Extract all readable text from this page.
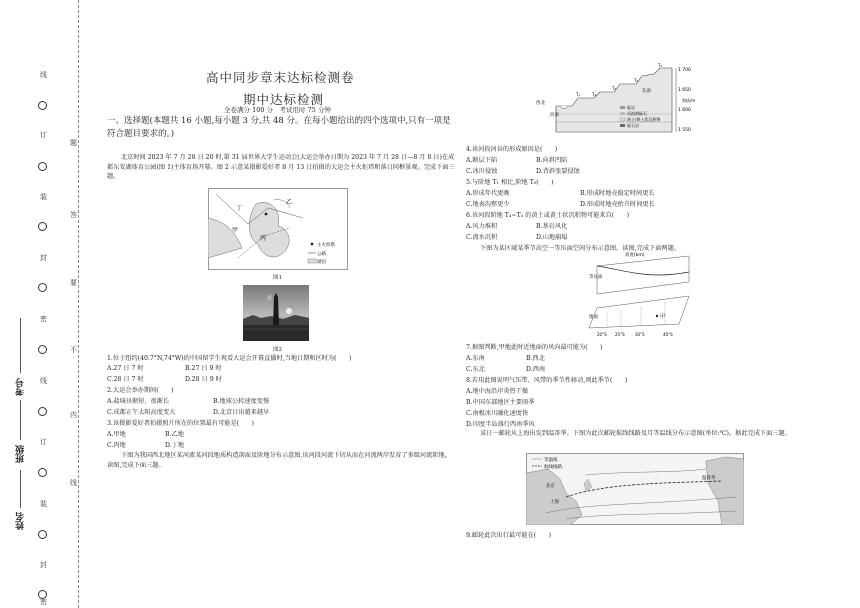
线
订
装
封
密
线
订
装
封
密
题
答
要
不
内
线
考号
班级
姓名
高中同步章末达标检测卷
期中达标检测
全卷满分 100 分　考试用时 75 分钟
一、选择题(本题共 16 小题,每小题 3 分,共 48 分。在每小题给出的四个选项中,只有一项是符合题目要求的。)
北京时间 2023 年 7 月 28 日 20 时,第 31 届世界大学生运动会(大运会举办日期为 2023 年 7 月 28 日—8 月 8 日)在成都东安湖体育公园(图 1)主体育场开幕。图 2 示意某摄影爱好者 8 月 13 日拍摄的大运会主火炬塔和落日同框景观。完成下面三题。
乙
甲
丙
丁
主火炬塔
公路
湖泊
图1
北
图2
1.位于纽约(40.7°N,74°W)的中国留学生观看大运会开幕直播时,当地日期和区时为(　　)
A.27 日 7 时	B.27 日 9 时
C.28 日 7 时	D.28 日 9 时
2.大运会举办期间(　　)
A.盐城昼渐短、夜渐长	B.地球公转速度变慢
C.成都正午太阳高度变大	D.北京日出越来越早
3.该摄影爱好者拍摄照片所在的位置最有可能是(　　)
A.甲地	B.乙地
C.丙地	D.丁地
下图为我国西北地区某河流某河段地质构造剖面及阶地分布示意图,该河段河流下切从而在河流两岸发育了多级河流阶地。读图,完成下面三题。
T₁	T₂
T₃
T₄
T₅
西北
东南
河床
1 700
1 650
1 600
1 550
海拔/m
砾岩
河流相砾石
黄土/黄土状沉积物
砾石岩
4.该河段河谷的形成原因是(　　)
A.断层下陷	B.向斜凹陷
C.冰川侵蚀	D.背斜张裂侵蚀
5.与阶地 T₁ 相比,阶地 T₅(　　)
A.形成年代更晚	B.形成时地壳稳定时间更长
C.地表沟壑更少	D.形成时地壳抬升时间更长
6.该河段阶地 T₄~T₅ 的黄土或黄土状沉积物可能来自(　　)
A.风力堆积	B.基岩风化
C.流水沉积	D.山地崩塌
下图为某区域某季节高空一等压面空间分布示意图。读图,完成下面两题。
甲
高度(km)
等压面
地面
20°S 25°S	30°S	40°S
7.据图判断,甲地此时近地面的风向最可能为(　　)
A.东南	B.西北
C.东北	D.西南
8.若用此图说明气压带、风带的季节性移动,则此季节(　　)
A.地中海沿岸炎热干燥
B.中国东部地区主要雨季
C.南极冰川融化速度快
D.印度半岛盛行西南季风
某日一邮轮从上海出发到温哥华。下图为此次邮轮航线线路及月等温线分布示意图(单位:℃)。据此完成下面三题。
等温线
航线线路
北京
上海
温哥华
9.邮轮此次出行最可能在(　　)
